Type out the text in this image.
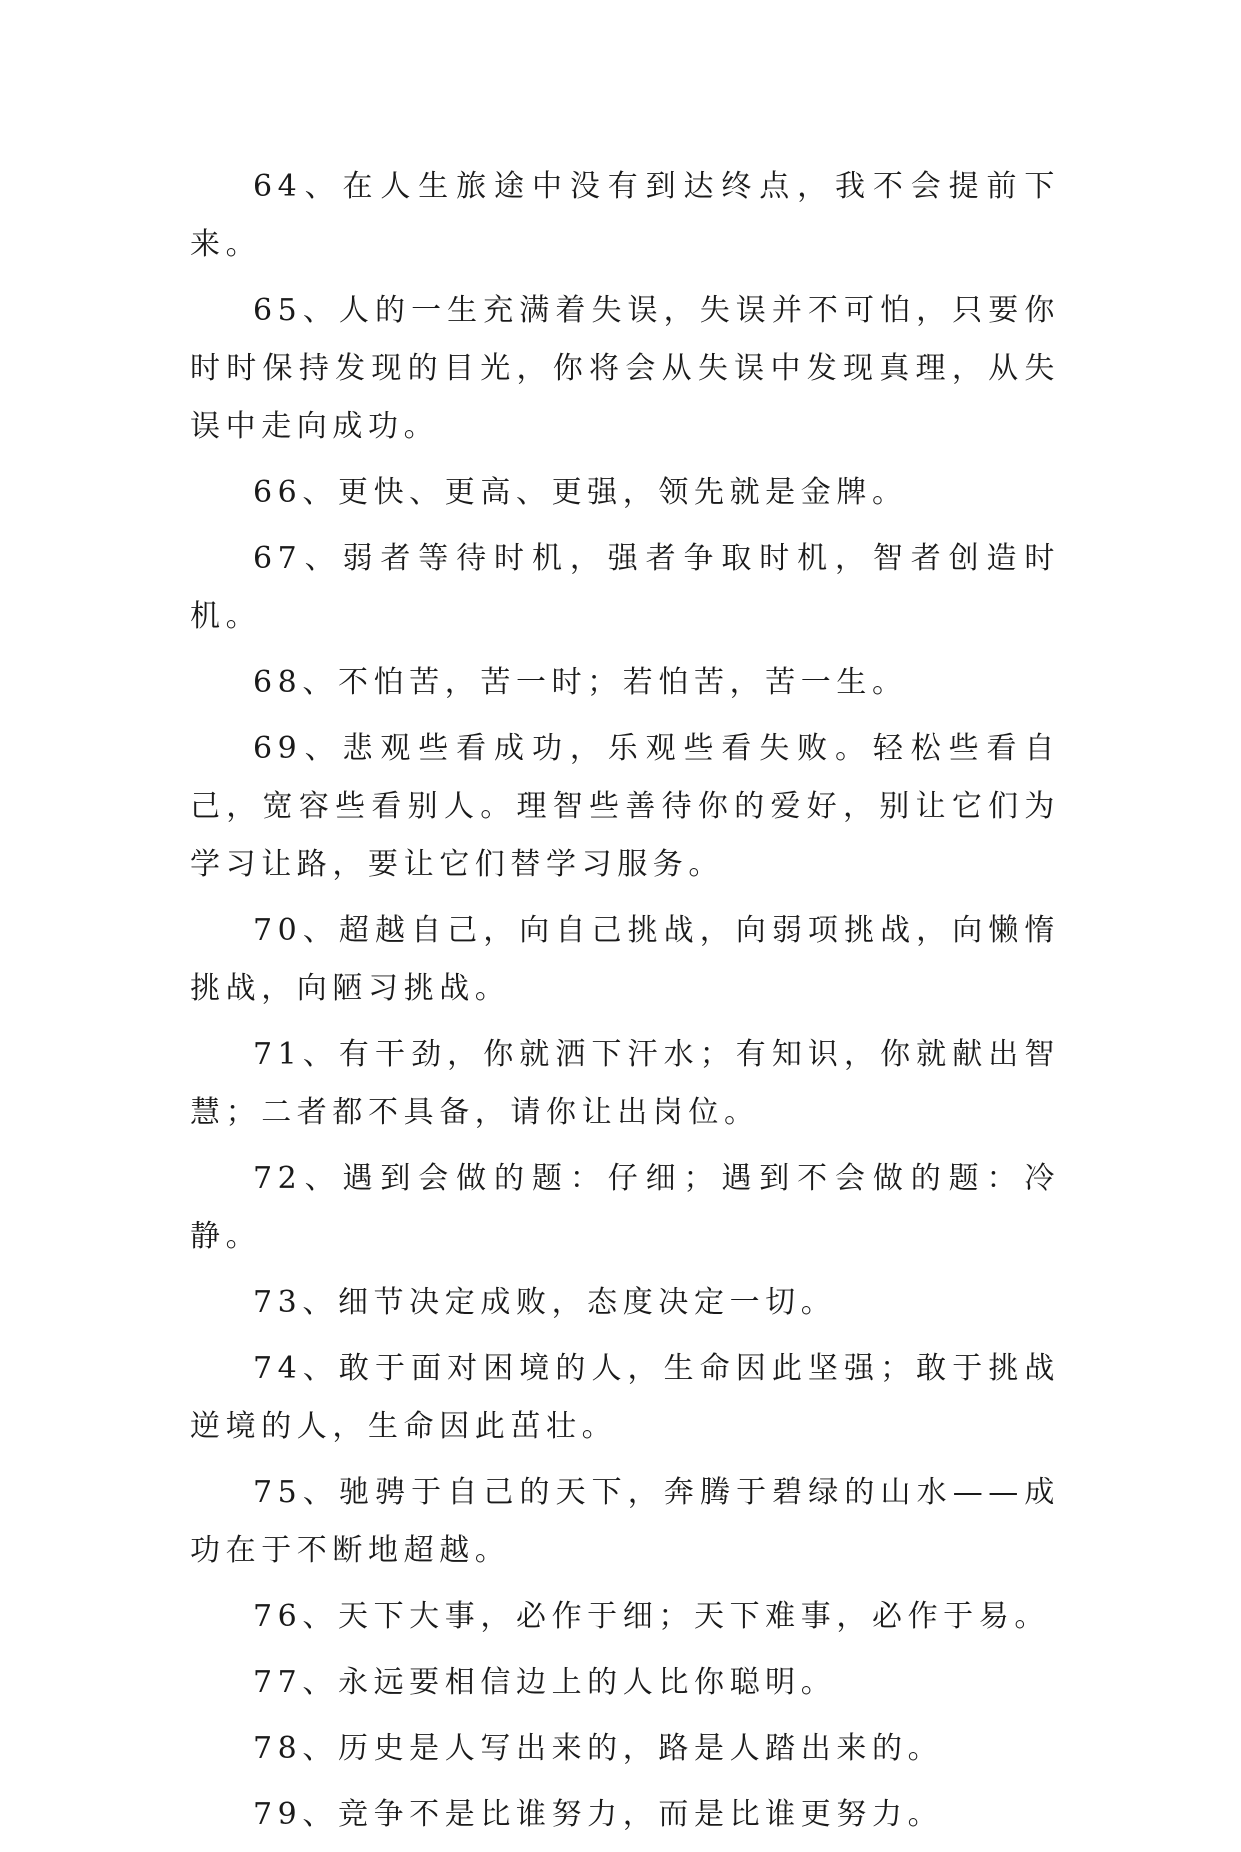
64、在人生旅途中没有到达终点，我不会提前下来。

65、人的一生充满着失误，失误并不可怕，只要你时时保持发现的目光，你将会从失误中发现真理，从失误中走向成功。

66、更快、更高、更强，领先就是金牌。

67、弱者等待时机，强者争取时机，智者创造时机。

68、不怕苦，苦一时；若怕苦，苦一生。

69、悲观些看成功，乐观些看失败。轻松些看自己，宽容些看别人。理智些善待你的爱好，别让它们为学习让路，要让它们替学习服务。

70、超越自己，向自己挑战，向弱项挑战，向懒惰挑战，向陋习挑战。

71、有干劲，你就洒下汗水；有知识，你就献出智慧；二者都不具备，请你让出岗位。

72、遇到会做的题：仔细；遇到不会做的题：冷静。

73、细节决定成败，态度决定一切。

74、敢于面对困境的人，生命因此坚强；敢于挑战逆境的人，生命因此茁壮。

75、驰骋于自己的天下，奔腾于碧绿的山水——成功在于不断地超越。

76、天下大事，必作于细；天下难事，必作于易。

77、永远要相信边上的人比你聪明。

78、历史是人写出来的，路是人踏出来的。

79、竞争不是比谁努力，而是比谁更努力。
